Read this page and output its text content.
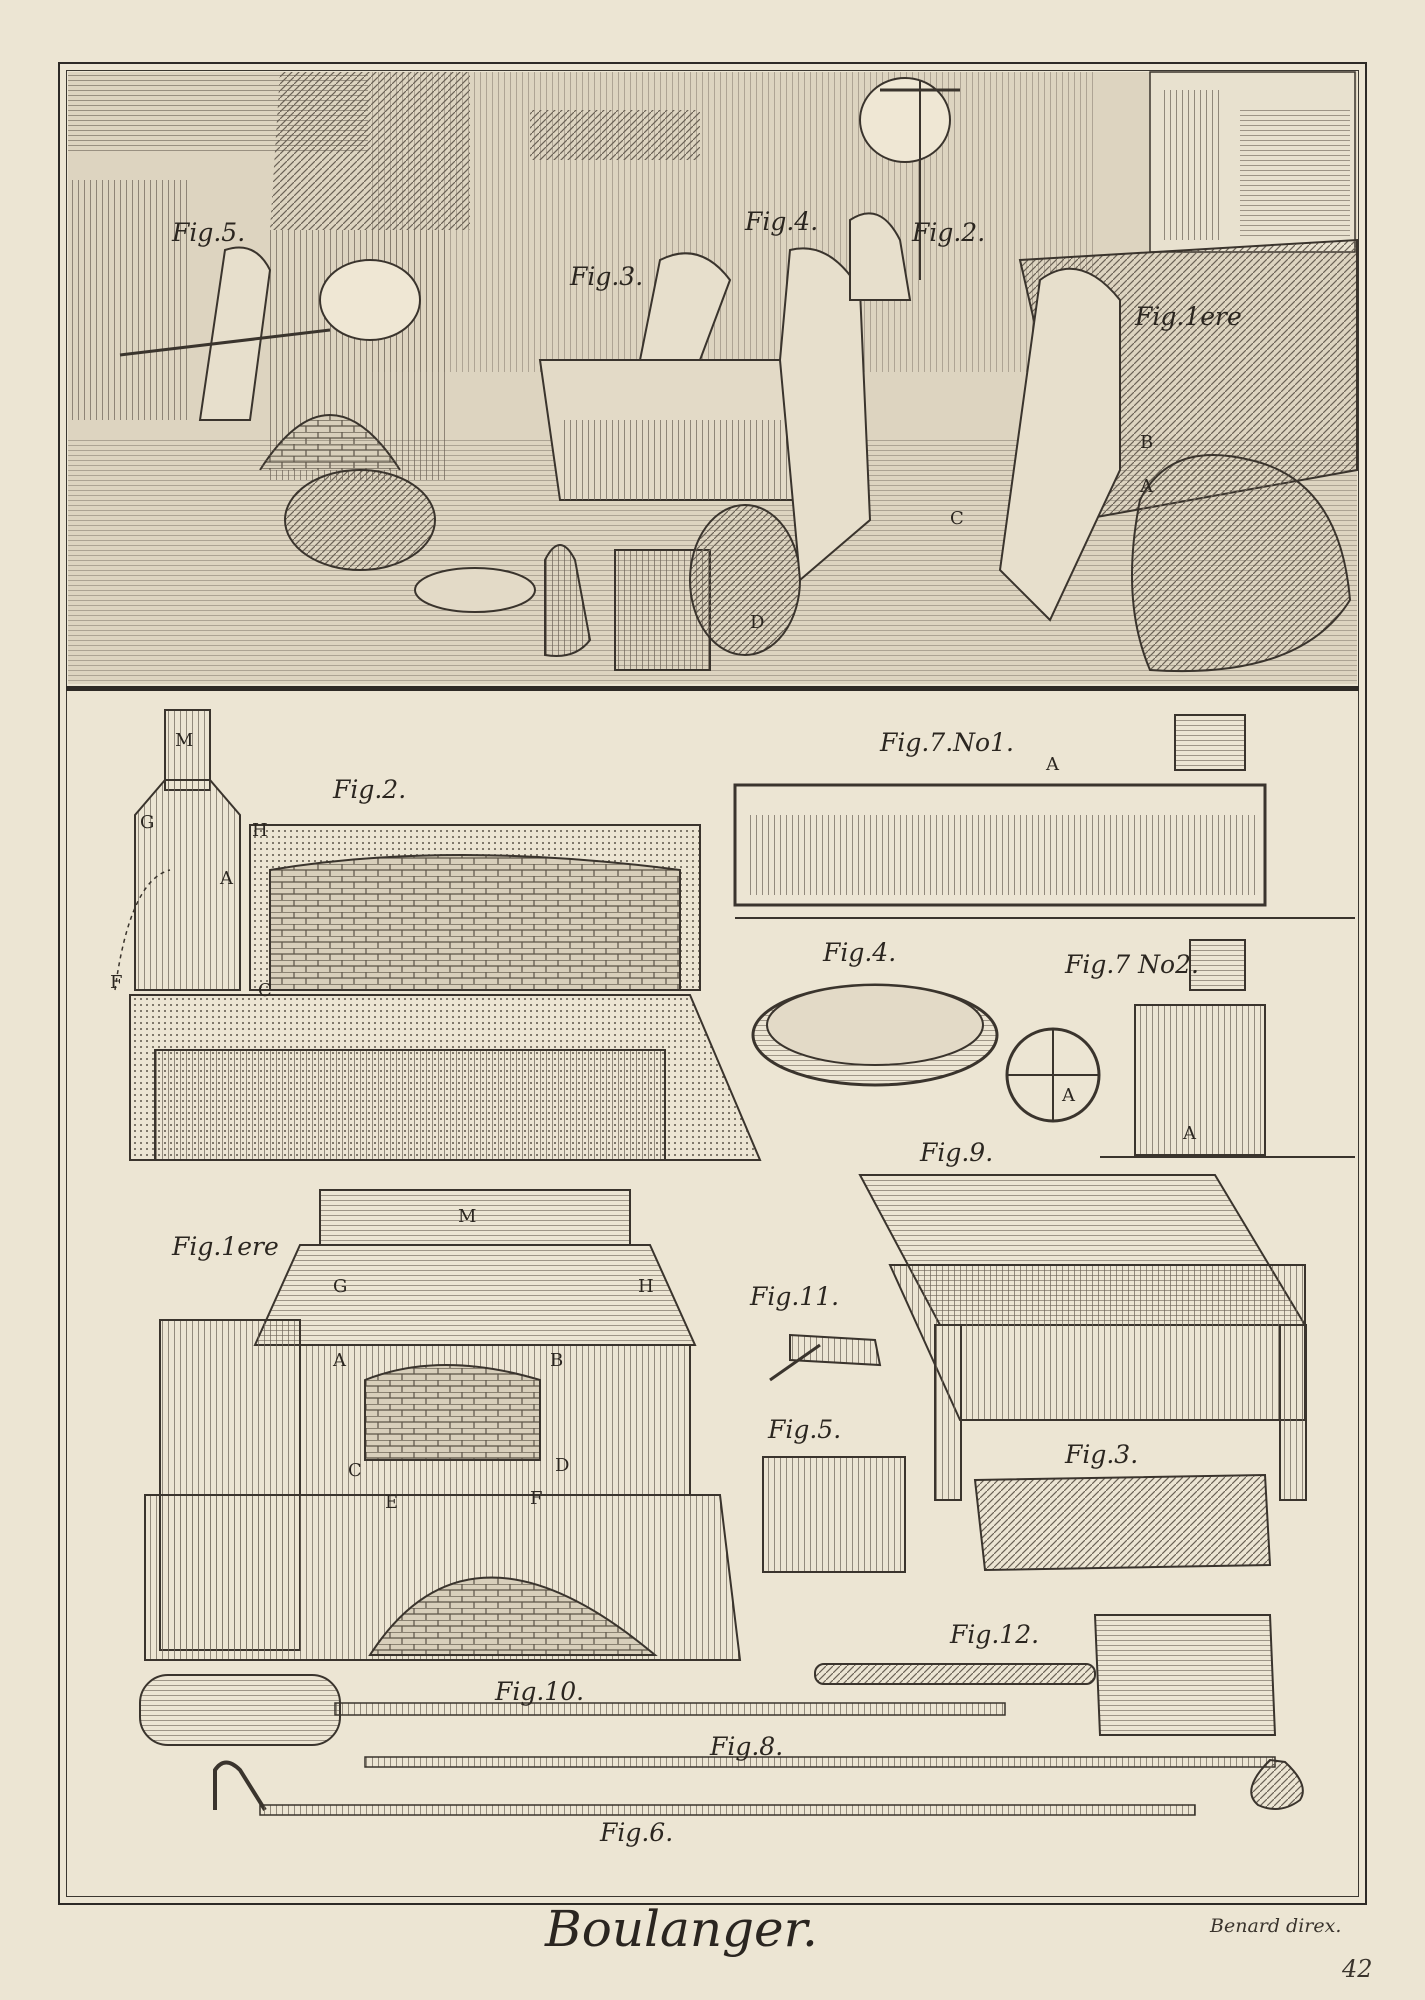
Fig.5.
Fig.3.
Fig.4.	Fig.2.
Fig.1ere
A
B
C
D
Fig.2.
Fig.7.No1.
Fig.4.	Fig.7 No2.
Fig.9.
Fig.1ere
Fig.11.
Fig.5.
Fig.3.
Fig.12.
Fig.10.
Fig.8.
Fig.6.
M
G	H
A
F	C
M
G	H
A	B
C	D
E	F
A
A
A
Boulanger.	Benard direx.
42
